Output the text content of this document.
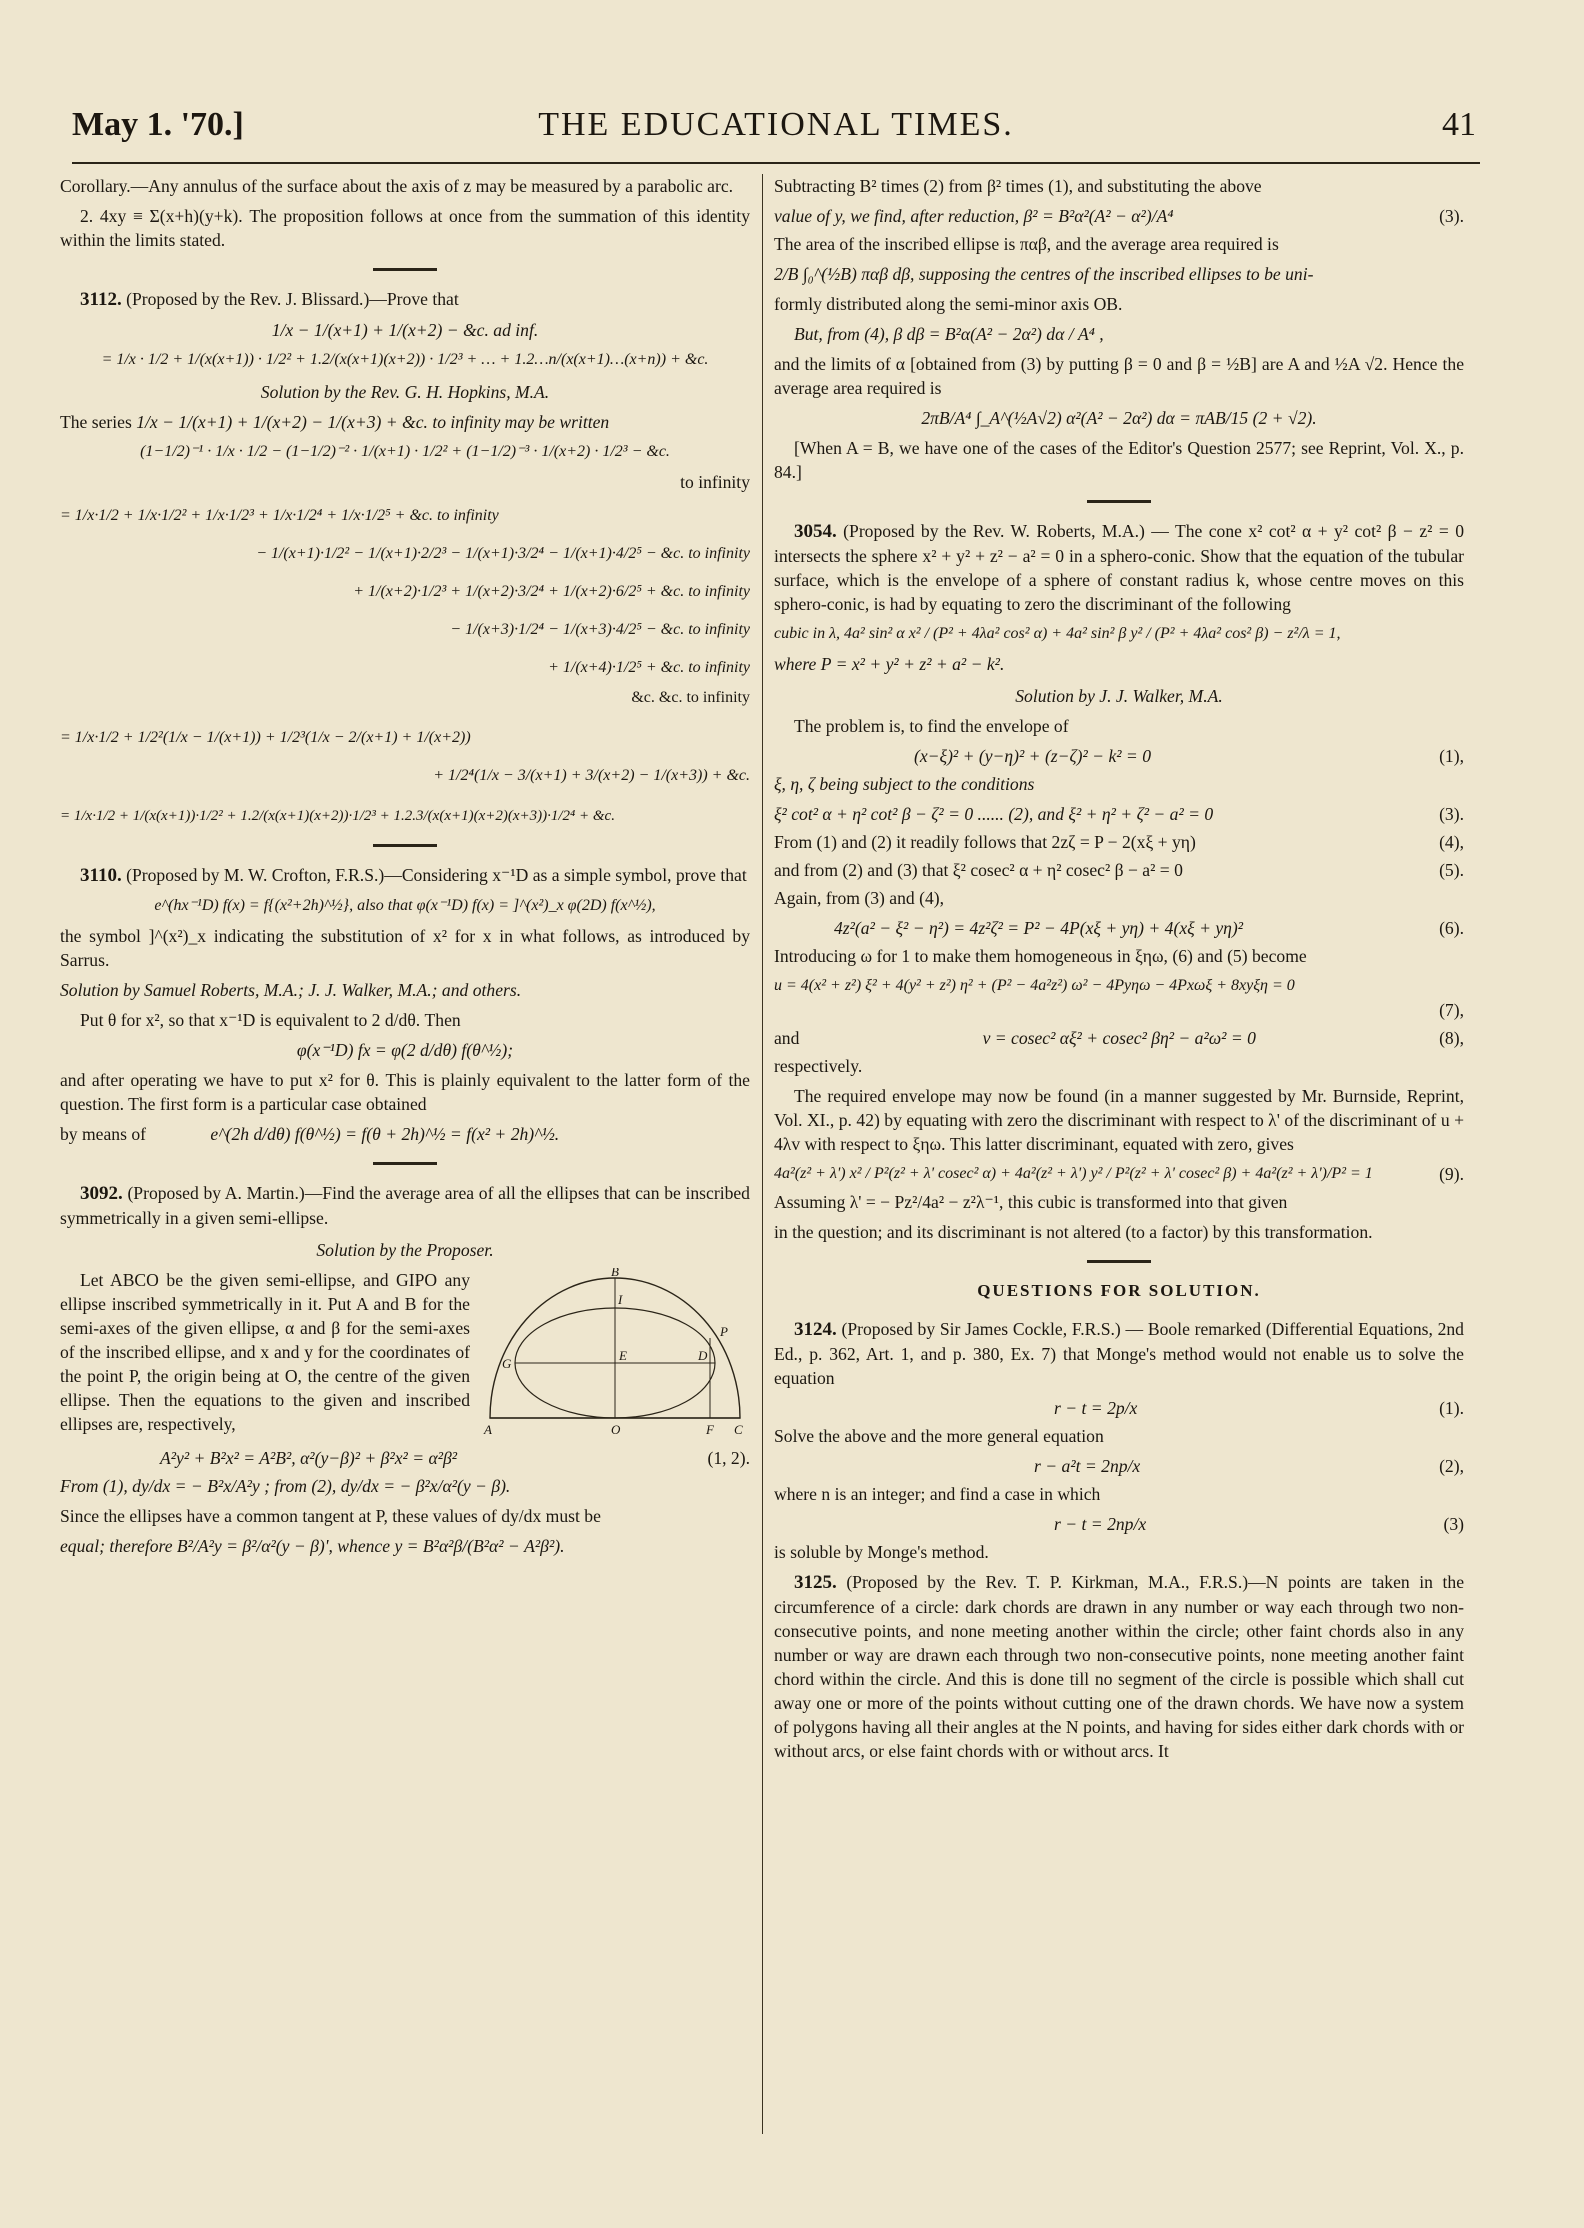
May 1. '70.]	THE EDUCATIONAL TIMES.	41

Corollary.—Any annulus of the surface about the axis of z may be measured by a parabolic arc.

2. 4xy ≡ Σ(x+h)(y+k). The proposition follows at once from the summation of this identity within the limits stated.

3112. (Proposed by the Rev. J. Blissard.)—Prove that

1/x − 1/(x+1) + 1/(x+2) − &c. ad inf.
= 1/x · 1/2 + 1/(x(x+1)) · 1/2² + 1.2/(x(x+1)(x+2)) · 1/2³ + … + 1.2…n/(x(x+1)…(x+n)) + &c.
Solution by the Rev. G. H. Hopkins, M.A.

The series 1/x − 1/(x+1) + 1/(x+2) − 1/(x+3) + &c. to infinity may be written

(1−1/2)⁻¹ · 1/x · 1/2 − (1−1/2)⁻² · 1/(x+1) · 1/2² + (1−1/2)⁻³ · 1/(x+2) · 1/2³ − &c.
to infinity
= 1/x·1/2 + 1/x·1/2² + 1/x·1/2³ + 1/x·1/2⁴ + 1/x·1/2⁵ + &c. to infinity
− 1/(x+1)·1/2² − 1/(x+1)·2/2³ − 1/(x+1)·3/2⁴ − 1/(x+1)·4/2⁵ − &c. to infinity
+ 1/(x+2)·1/2³ + 1/(x+2)·3/2⁴ + 1/(x+2)·6/2⁵ + &c. to infinity
− 1/(x+3)·1/2⁴ − 1/(x+3)·4/2⁵ − &c. to infinity
+ 1/(x+4)·1/2⁵ + &c. to infinity
&c. &c. to infinity
= 1/x·1/2 + 1/2²(1/x − 1/(x+1)) + 1/2³(1/x − 2/(x+1) + 1/(x+2))
+ 1/2⁴(1/x − 3/(x+1) + 3/(x+2) − 1/(x+3)) + &c.
= 1/x·1/2 + 1/(x(x+1))·1/2² + 1.2/(x(x+1)(x+2))·1/2³ + 1.2.3/(x(x+1)(x+2)(x+3))·1/2⁴ + &c.

3110. (Proposed by M. W. Crofton, F.R.S.)—Considering x⁻¹D as a simple symbol, prove that

e^(hx⁻¹D) f(x) = f{(x²+2h)^½}, also that φ(x⁻¹D) f(x) = ]^(x²)_x φ(2D) f(x^½),

the symbol ]^(x²)_x indicating the substitution of x² for x in what follows, as introduced by Sarrus.

Solution by Samuel Roberts, M.A.; J. J. Walker, M.A.; and others.

Put θ for x², so that x⁻¹D is equivalent to 2 d/dθ. Then

φ(x⁻¹D) fx = φ(2 d/dθ) f(θ^½);

and after operating we have to put x² for θ. This is plainly equivalent to the latter form of the question. The first form is a particular case obtained

by means of	e^(2h d/dθ) f(θ^½) = f(θ + 2h)^½ = f(x² + 2h)^½.

3092. (Proposed by A. Martin.)—Find the average area of all the ellipses that can be inscribed symmetrically in a given semi-ellipse.

Solution by the Proposer.

Let ABCO be the given semi-ellipse, and GIPO any ellipse inscribed symmetrically in it. Put A and B for the semi-axes of the given ellipse, α and β for the semi-axes of the inscribed ellipse, and x and y for the coordinates of the point P, the origin being at O, the centre of the given ellipse. Then the equations to the given and inscribed ellipses are, respectively,

B
I
P
G
E	D
A	O	F C
A²y² + B²x² = A²B², α²(y−β)² + β²x² = α²β²	(1, 2).

From (1), dy/dx = − B²x/A²y ; from (2), dy/dx = − β²x/α²(y − β).

Since the ellipses have a common tangent at P, these values of dy/dx must be

equal; therefore B²/A²y = β²/α²(y − β)', whence y = B²α²β/(B²α² − A²β²).

Subtracting B² times (2) from β² times (1), and substituting the above

value of y, we find, after reduction, β² = B²α²(A² − α²)/A⁴	(3).

The area of the inscribed ellipse is παβ, and the average area required is

2/B ∫₀^(½B) παβ dβ, supposing the centres of the inscribed ellipses to be uni-

formly distributed along the semi-minor axis OB.

But, from (4), β dβ = B²α(A² − 2α²) dα / A⁴ ,

and the limits of α [obtained from (3) by putting β = 0 and β = ½B] are A and ½A √2. Hence the average area required is

2πB/A⁴ ∫_A^(½A√2) α²(A² − 2α²) dα = πAB/15 (2 + √2).

[When A = B, we have one of the cases of the Editor's Question 2577; see Reprint, Vol. X., p. 84.]

3054. (Proposed by the Rev. W. Roberts, M.A.) — The cone x² cot² α + y² cot² β − z² = 0 intersects the sphere x² + y² + z² − a² = 0 in a sphero-conic. Show that the equation of the tubular surface, which is the envelope of a sphere of constant radius k, whose centre moves on this sphero-conic, is had by equating to zero the discriminant of the following

cubic in λ, 4a² sin² α x² / (P² + 4λa² cos² α) + 4a² sin² β y² / (P² + 4λa² cos² β) − z²/λ = 1,

where P = x² + y² + z² + a² − k².

Solution by J. J. Walker, M.A.

The problem is, to find the envelope of

(x−ξ)² + (y−η)² + (z−ζ)² − k² = 0	(1),

ξ, η, ζ being subject to the conditions

ξ² cot² α + η² cot² β − ζ² = 0 ...... (2), and ξ² + η² + ζ² − a² = 0	(3).
From (1) and (2) it readily follows that 2zζ = P − 2(xξ + yη)	(4),
and from (2) and (3) that ξ² cosec² α + η² cosec² β − a² = 0	(5).

Again, from (3) and (4),

4z²(a² − ξ² − η²) = 4z²ζ² = P² − 4P(xξ + yη) + 4(xξ + yη)²	(6).

Introducing ω for 1 to make them homogeneous in ξηω, (6) and (5) become

u = 4(x² + z²) ξ² + 4(y² + z²) η² + (P² − 4a²z²) ω² − 4Pyηω − 4Pxωξ + 8xyξη = 0

(7),
and	v = cosec² αξ² + cosec² βη² − a²ω² = 0	(8),

respectively.

The required envelope may now be found (in a manner suggested by Mr. Burnside, Reprint, Vol. XI., p. 42) by equating with zero the discriminant with respect to λ' of the discriminant of u + 4λv with respect to ξηω. This latter discriminant, equated with zero, gives

4a²(z² + λ') x² / P²(z² + λ' cosec² α) + 4a²(z² + λ') y² / P²(z² + λ' cosec² β) + 4a²(z² + λ')/P² = 1	(9).

Assuming λ' = − Pz²/4a² − z²λ⁻¹, this cubic is transformed into that given

in the question; and its discriminant is not altered (to a factor) by this transformation.

QUESTIONS FOR SOLUTION.

3124. (Proposed by Sir James Cockle, F.R.S.) — Boole remarked (Differential Equations, 2nd Ed., p. 362, Art. 1, and p. 380, Ex. 7) that Monge's method would not enable us to solve the equation

r − t = 2p/x	(1).

Solve the above and the more general equation

r − a²t = 2np/x	(2),

where n is an integer; and find a case in which

r − t = 2np/x	(3)

is soluble by Monge's method.

3125. (Proposed by the Rev. T. P. Kirkman, M.A., F.R.S.)—N points are taken in the circumference of a circle: dark chords are drawn in any number or way each through two non-consecutive points, and none meeting another within the circle; other faint chords also in any number or way are drawn each through two non-consecutive points, none meeting another faint chord within the circle. And this is done till no segment of the circle is possible which shall cut away one or more of the points without cutting one of the drawn chords. We have now a system of polygons having all their angles at the N points, and having for sides either dark chords with or without arcs, or else faint chords with or without arcs. It
